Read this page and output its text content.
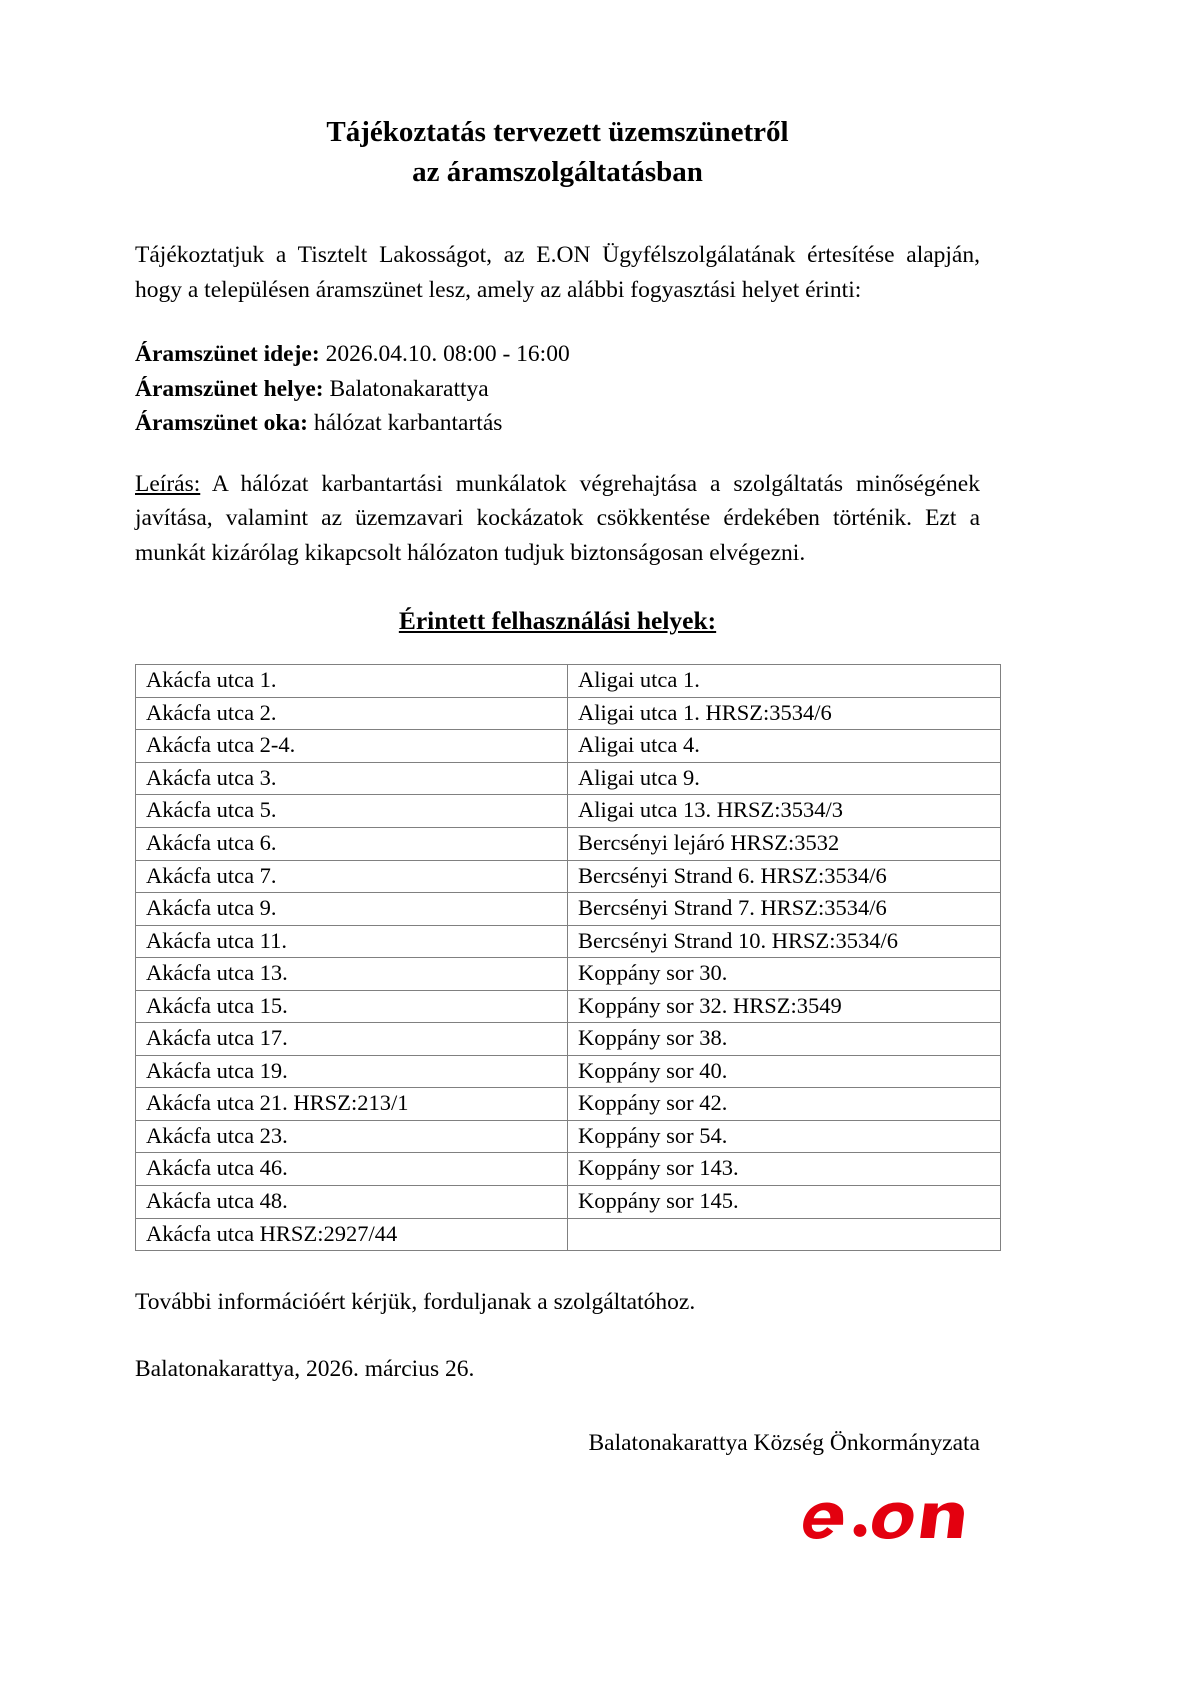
Tájékoztatás tervezett üzemszünetről
az áramszolgáltatásban

Tájékoztatjuk a Tisztelt Lakosságot, az E.ON Ügyfélszolgálatának értesítése alapján, hogy a településen áramszünet lesz, amely az alábbi fogyasztási helyet érinti:

Áramszünet ideje: 2026.04.10. 08:00 - 16:00
Áramszünet helye: Balatonakarattya
Áramszünet oka: hálózat karbantartás

Leírás: A hálózat karbantartási munkálatok végrehajtása a szolgáltatás minőségének javítása, valamint az üzemzavari kockázatok csökkentése érdekében történik. Ezt a munkát kizárólag kikapcsolt hálózaton tudjuk biztonságosan elvégezni.

Érintett felhasználási helyek:
Akácfa utca 1.	Aligai utca 1.
Akácfa utca 2.	Aligai utca 1. HRSZ:3534/6
Akácfa utca 2-4.	Aligai utca 4.
Akácfa utca 3.	Aligai utca 9.
Akácfa utca 5.	Aligai utca 13. HRSZ:3534/3
Akácfa utca 6.	Bercsényi lejáró HRSZ:3532
Akácfa utca 7.	Bercsényi Strand 6. HRSZ:3534/6
Akácfa utca 9.	Bercsényi Strand 7. HRSZ:3534/6
Akácfa utca 11.	Bercsényi Strand 10. HRSZ:3534/6
Akácfa utca 13.	Koppány sor 30.
Akácfa utca 15.	Koppány sor 32. HRSZ:3549
Akácfa utca 17.	Koppány sor 38.
Akácfa utca 19.	Koppány sor 40.
Akácfa utca 21. HRSZ:213/1	Koppány sor 42.
Akácfa utca 23.	Koppány sor 54.
Akácfa utca 46.	Koppány sor 143.
Akácfa utca 48.	Koppány sor 145.
Akácfa utca HRSZ:2927/44	

További információért kérjük, forduljanak a szolgáltatóhoz.

Balatonakarattya, 2026. március 26.

Balatonakarattya Község Önkormányzata
